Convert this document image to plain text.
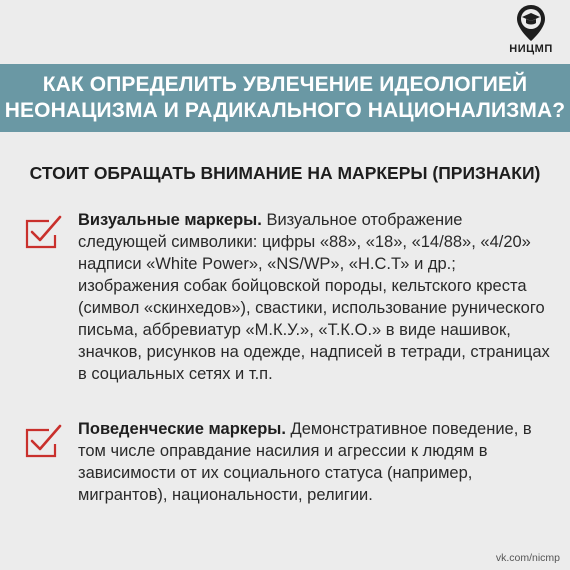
НИЦМП
КАК ОПРЕДЕЛИТЬ УВЛЕЧЕНИЕ ИДЕОЛОГИЕЙ
НЕОНАЦИЗМА И РАДИКАЛЬНОГО НАЦИОНАЛИЗМА?
СТОИТ ОБРАЩАТЬ ВНИМАНИЕ НА МАРКЕРЫ (ПРИЗНАКИ)
Визуальные маркеры. Визуальное отображение следующей символики: цифры «88», «18», «14/88», «4/20» надписи «White Power», «NS/WP», «Н.С.Т» и др.; изображения собак бойцовской породы, кельтского креста (символ «скинхедов»), свастики, использование рунического письма, аббревиатур «М.К.У.», «Т.К.О.» в виде нашивок, значков, рисунков на одежде, надписей в тетради, страницах в социальных сетях и т.п.
Поведенческие маркеры. Демонстративное поведение, в том числе оправдание насилия и агрессии к людям в зависимости от их социального статуса (например, мигрантов), национальности, религии.
vk.com/nicmp
